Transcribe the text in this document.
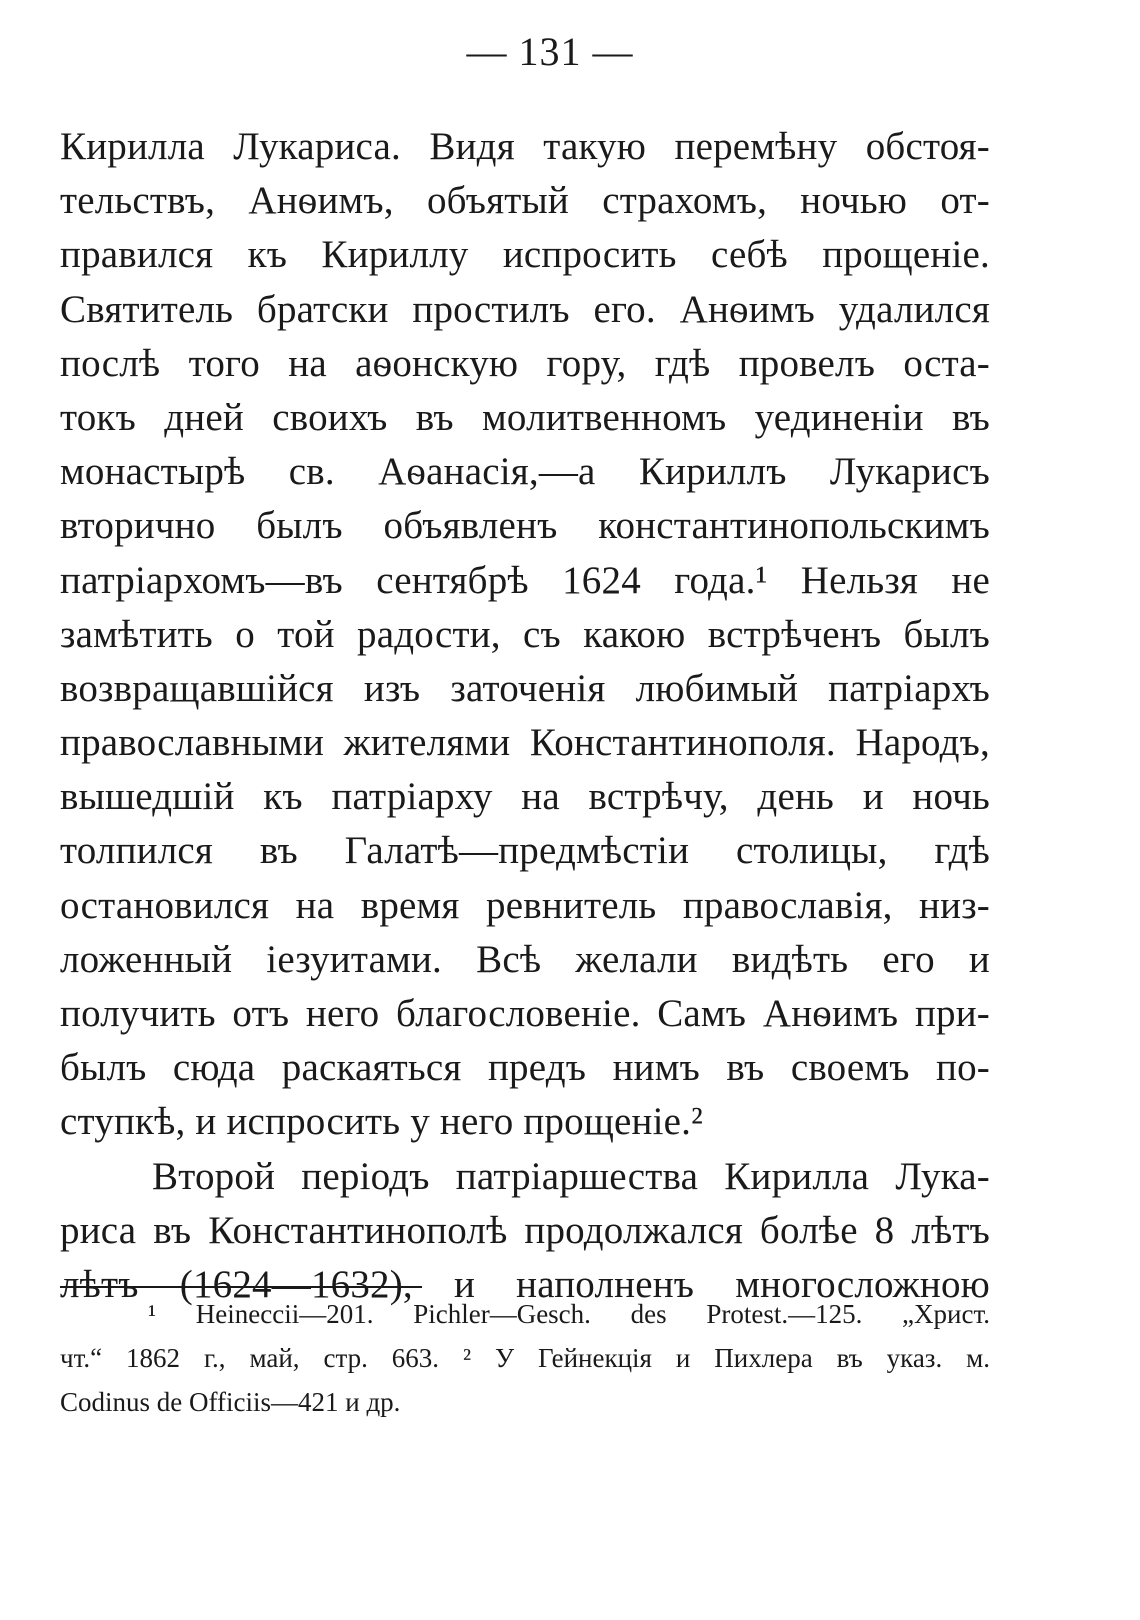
— 131 —
Кирилла Лукариса. Видя такую перемѣну обстоя-
тельствъ, Анѳимъ, объятый страхомъ, ночью от-
правился къ Кириллу испросить себѣ прощеніе.
Святитель братски простилъ его. Анѳимъ удалился
послѣ того на аѳонскую гору, гдѣ провелъ оста-
токъ дней своихъ въ молитвенномъ уединеніи въ
монастырѣ св. Аѳанасія,—а Кириллъ Лукарисъ
вторично былъ объявленъ константинопольскимъ
патріархомъ—въ сентябрѣ 1624 года.¹ Нельзя не
замѣтить о той радости, съ какою встрѣченъ былъ
возвращавшійся изъ заточенія любимый патріархъ
православными жителями Константинополя. Народъ,
вышедшій къ патріарху на встрѣчу, день и ночь
толпился въ Галатѣ—предмѣстіи столицы, гдѣ
остановился на время ревнитель православія, низ-
ложенный іезуитами. Всѣ желали видѣть его и
получить отъ него благословеніе. Самъ Анѳимъ при-
былъ сюда раскаяться предъ нимъ въ своемъ по-
ступкѣ, и испросить у него прощеніе.²
Второй періодъ патріаршества Кирилла Лука-
риса въ Константинополѣ продолжался болѣе 8 лѣтъ
лѣтъ (1624—1632), и наполненъ многосложною
¹ Heineccii—201. Pichler—Gesch. des Protest.—125. „Христ.
чт.“ 1862 г., май, стр. 663. ² У Гейнекція и Пихлера въ указ. м.
Codinus de Officiis—421 и др.
